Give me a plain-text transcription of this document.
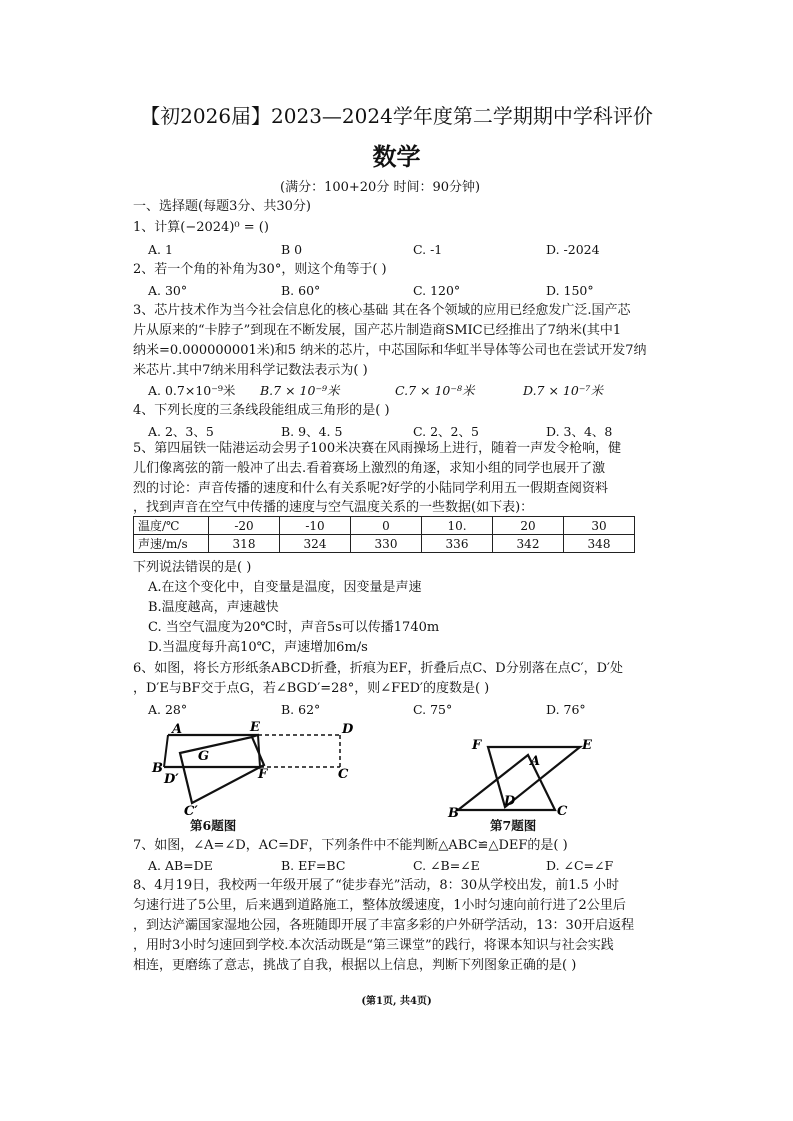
【初2026届】2023—2024学年度第二学期期中学科评价
数学
(满分：100+20分 时间：90分钟)
一、选择题(每题3分、共30分)
1、计算(−2024)⁰ = ()
A. 1	B 0	C. -1	D. -2024
2、若一个角的补角为30°，则这个角等于( )
A. 30°	B. 60°	C. 120°	D. 150°
3、芯片技术作为当今社会信息化的核心基础 其在各个领域的应用已经愈发广泛.国产芯
片从原来的“卡脖子”到现在不断发展，国产芯片制造商SMIC已经推出了7纳米(其中1
纳米=0.000000001米)和5 纳米的芯片，中芯国际和华虹半导体等公司也在尝试开发7纳
米芯片.其中7纳米用科学记数法表示为( )
A. 0.7×10⁻⁹米 B.7 × 10⁻⁹米	C.7 × 10⁻⁸米	D.7 × 10⁻⁷米
4、下列长度的三条线段能组成三角形的是( )
A. 2、3、5	B. 9、4. 5	C. 2、2、5	D. 3、4、8
5、第四届铁一陆港运动会男子100米决赛在风雨操场上进行，随着一声发令枪响，健
儿们像离弦的箭一般冲了出去.看着赛场上激烈的角逐，求知小组的同学也展开了激
烈的讨论：声音传播的速度和什么有关系呢?好学的小陆同学利用五一假期查阅资料
，找到声音在空气中传播的速度与空气温度关系的一些数据(如下表)：
温度/℃	-20	-10	0	10.	20	30
声速/m/s	318	324	330	336	342	348
下列说法错误的是( )
A.在这个变化中，自变量是温度，因变量是声速
B.温度越高，声速越快
C. 当空气温度为20℃时，声音5s可以传播1740m
D.当温度每升高10℃，声速增加6m/s
6、如图，将长方形纸条ABCD折叠，折痕为EF，折叠后点C、D分别落在点C′，D′处
，D′E与BF交于点G，若∠BGD′=28°，则∠FED′的度数是( )
A. 28°	B. 62°	C. 75°	D. 76°
A	E	D
G
B
D′	F	C
C′
第6题图
F	E
A
D
B	C
第7题图
7、如图，∠A=∠D，AC=DF，下列条件中不能判断△ABC≌△DEF的是( )
A. AB=DE	B. EF=BC	C. ∠B=∠E	D. ∠C=∠F
8、4月19日，我校两一年级开展了“徒步春光”活动，8：30从学校出发，前1.5 小时
匀速行进了5公里，后来遇到道路施工，整体放缓速度，1小时匀速向前行进了2公里后
，到达浐灞国家湿地公园，各班随即开展了丰富多彩的户外研学活动，13：30开启返程
，用时3小时匀速回到学校.本次活动既是“第三课堂”的践行，将课本知识与社会实践
相连，更磨练了意志，挑战了自我，根据以上信息，判断下列图象正确的是( )
(第1页, 共4页)
